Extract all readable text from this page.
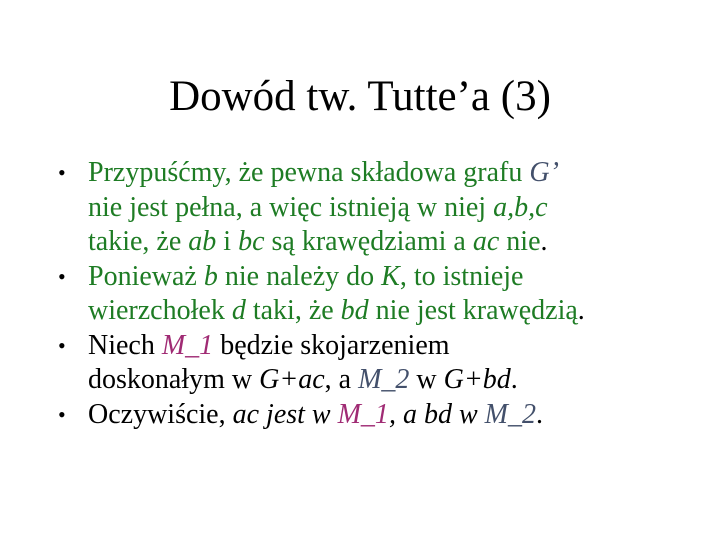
Dowód tw. Tutte’a (3)
• Przypuśćmy, że pewna składowa grafu G’
nie jest pełna, a więc istnieją w niej a,b,c
takie, że ab i bc są krawędziami a ac nie.
• Ponieważ b nie należy do K, to istnieje
wierzchołek d taki, że bd nie jest krawędzią.
• Niech M_1 będzie skojarzeniem
doskonałym w G+ac, a M_2 w G+bd.
• Oczywiście, ac jest w M_1, a bd w M_2.
